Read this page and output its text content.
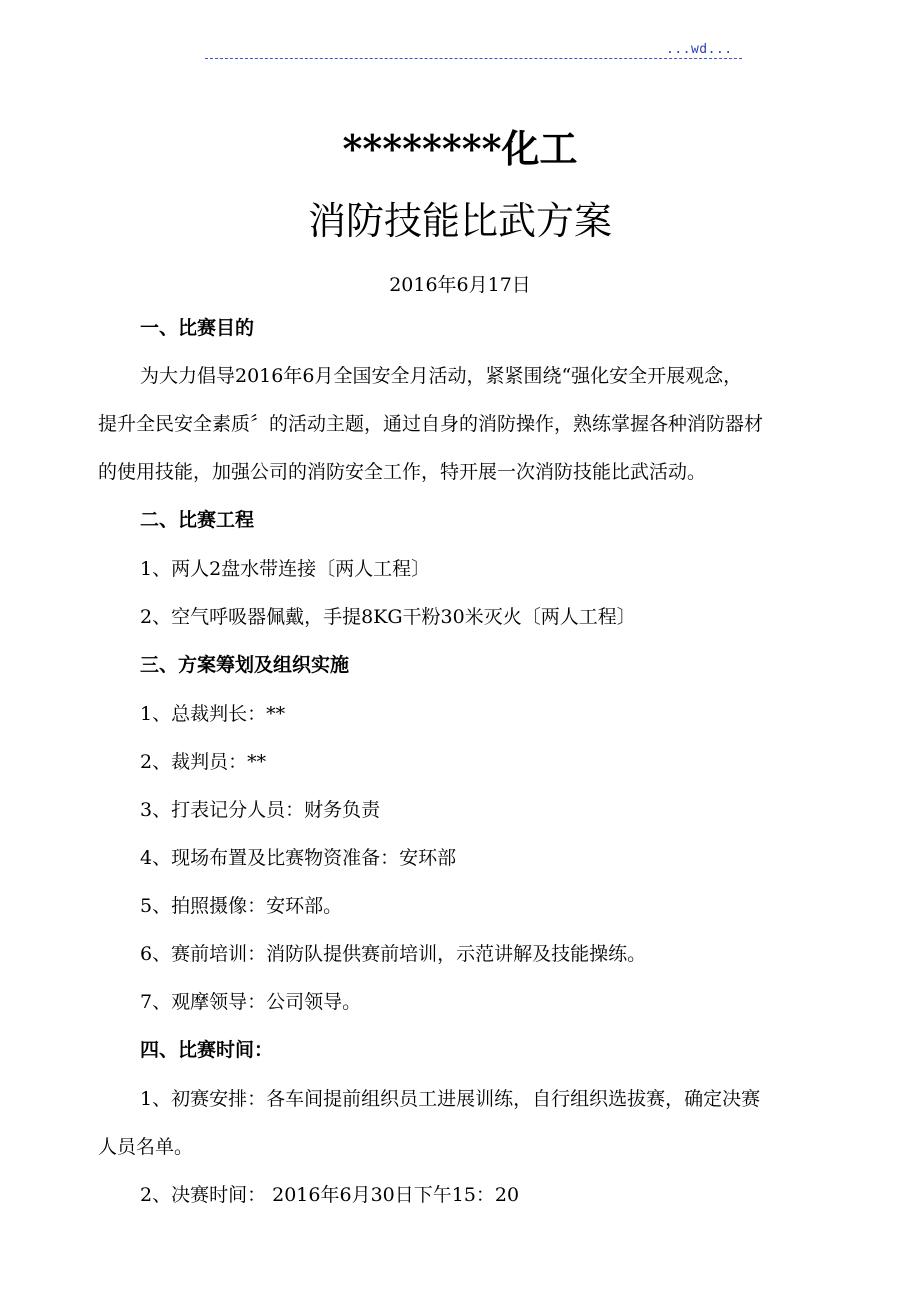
...wd...
********化工
消防技能比武方案
2016年6月17日
一、比赛目的
为大力倡导2016年6月全国安全月活动，紧紧围绕“强化安全开展观念，
提升全民安全素质〞的活动主题，通过自身的消防操作，熟练掌握各种消防器材
的使用技能，加强公司的消防安全工作，特开展一次消防技能比武活动。
二、比赛工程
1、两人2盘水带连接〔两人工程〕
2、空气呼吸器佩戴，手提8KG干粉30米灭火〔两人工程〕
三、方案筹划及组织实施
1、总裁判长：**
2、裁判员：**
3、打表记分人员：财务负责
4、现场布置及比赛物资准备：安环部
5、拍照摄像：安环部。
6、赛前培训：消防队提供赛前培训，示范讲解及技能操练。
7、观摩领导：公司领导。
四、比赛时间：
1、初赛安排：各车间提前组织员工进展训练，自行组织选拔赛，确定决赛
人员名单。
2、决赛时间： 2016年6月30日下午15：20
